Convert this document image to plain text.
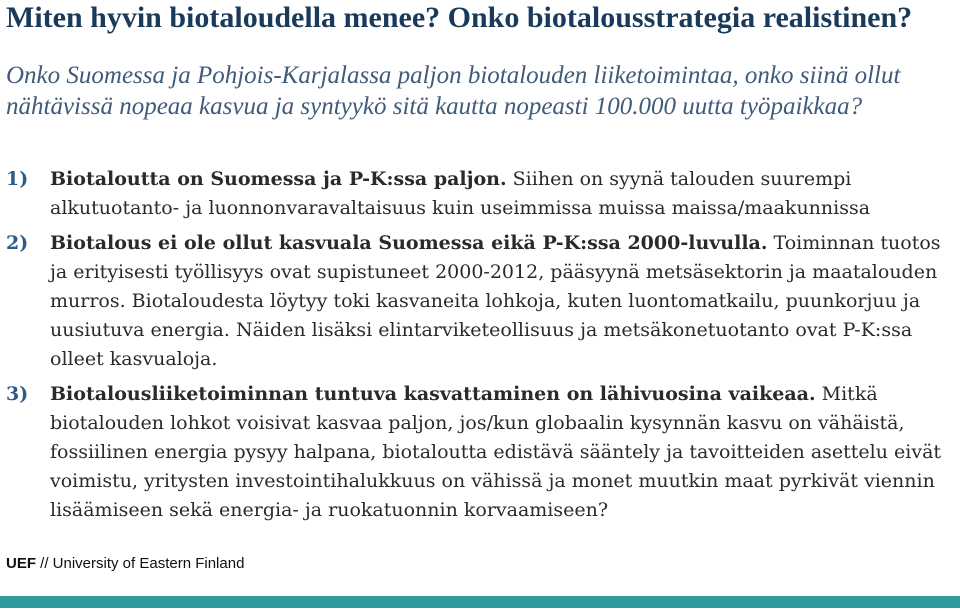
Miten hyvin biotaloudella menee? Onko biotalousstrategia realistinen?
Onko Suomessa ja Pohjois-Karjalassa paljon biotalouden liiketoimintaa, onko siinä ollut nähtävissä nopeaa kasvua ja syntyykö sitä kautta nopeasti 100.000 uutta työpaikkaa?
1)	Biotaloutta on Suomessa ja P-K:ssa paljon. Siihen on syynä talouden suurempi alkutuotanto- ja luonnonvaravaltaisuus kuin useimmissa muissa maissa/maakunnissa
2)	Biotalous ei ole ollut kasvuala Suomessa eikä P-K:ssa 2000-luvulla. Toiminnan tuotos ja erityisesti työllisyys ovat supistuneet 2000-2012, pääsyynä metsäsektorin ja maatalouden murros. Biotaloudesta löytyy toki kasvaneita lohkoja, kuten luontomatkailu, puunkorjuu ja uusiutuva energia. Näiden lisäksi elintarviketeollisuus ja metsäkonetuotanto ovat P-K:ssa olleet kasvualoja.
3)	Biotalousliiketoiminnan tuntuva kasvattaminen on lähivuosina vaikeaa. Mitkä biotalouden lohkot voisivat kasvaa paljon, jos/kun globaalin kysynnän kasvu on vähäistä, fossiilinen energia pysyy halpana, biotaloutta edistävä sääntely ja tavoitteiden asettelu eivät voimistu, yritysten investointihalukkuus on vähissä ja monet muutkin maat pyrkivät viennin lisäämiseen sekä energia- ja ruokatuonnin korvaamiseen?
UEF // University of Eastern Finland
